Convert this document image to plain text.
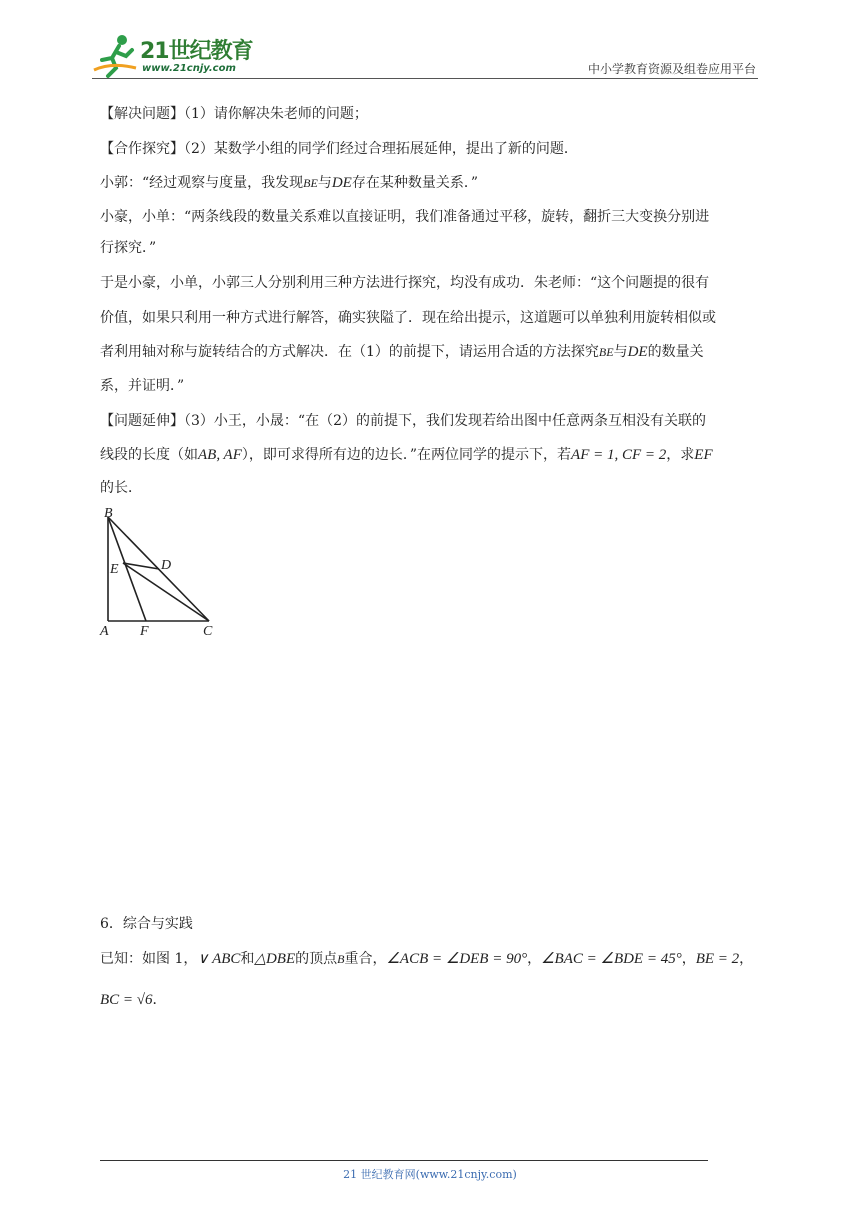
21世纪教育
www.21cnjy.com	中小学教育资源及组卷应用平台
【解决问题】（1）请你解决朱老师的问题；
【合作探究】（2）某数学小组的同学们经过合理拓展延伸，提出了新的问题．
小郭：“经过观察与度量，我发现BE与DE存在某种数量关系．”
小豪，小单：“两条线段的数量关系难以直接证明，我们准备通过平移，旋转，翻折三大变换分别进
行探究．”
于是小豪，小单，小郭三人分别利用三种方法进行探究，均没有成功．朱老师：“这个问题提的很有
价值，如果只利用一种方式进行解答，确实狭隘了．现在给出提示，这道题可以单独利用旋转相似或
者利用轴对称与旋转结合的方式解决．在（1）的前提下，请运用合适的方法探究BE与DE的数量关
系，并证明．”
【问题延伸】（3）小王，小晟：“在（2）的前提下，我们发现若给出图中任意两条互相没有关联的
线段的长度（如AB, AF），即可求得所有边的边长．”在两位同学的提示下，若AF = 1, CF = 2，求EF
的长．
B
E	D
A F	C
6．综合与实践
已知：如图 1，∨ ABC和△DBE的顶点B重合，∠ACB = ∠DEB = 90°，∠BAC = ∠BDE = 45°，BE = 2，
BC = √6．
21 世纪教育网(www.21cnjy.com)
